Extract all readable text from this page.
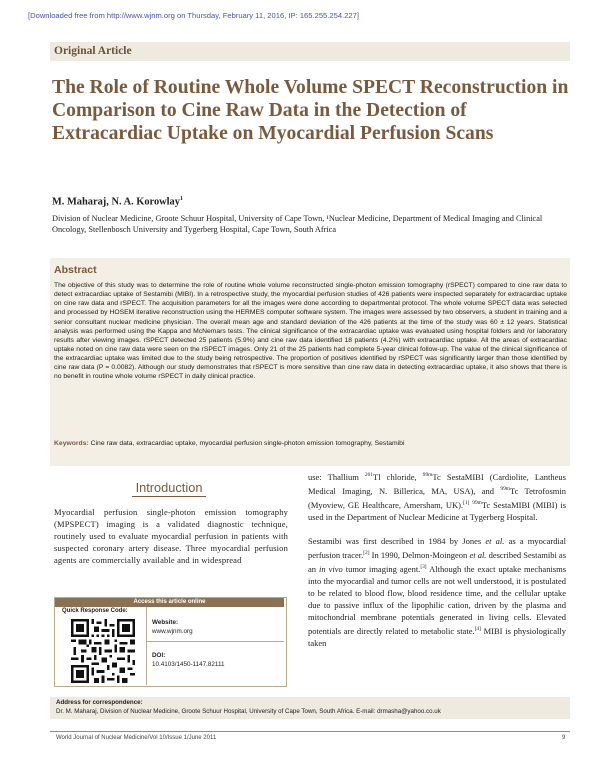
[Downloaded free from http://www.wjnm.org on Thursday, February 11, 2016, IP: 165.255.254.227]
Original Article
The Role of Routine Whole Volume SPECT Reconstruction in Comparison to Cine Raw Data in the Detection of Extracardiac Uptake on Myocardial Perfusion Scans
M. Maharaj, N. A. Korowlay$^1$
Division of Nuclear Medicine, Groote Schuur Hospital, University of Cape Town, ¹Nuclear Medicine, Department of Medical Imaging and Clinical Oncology, Stellenbosch University and Tygerberg Hospital, Cape Town, South Africa
Abstract
The objective of this study was to determine the role of routine whole volume reconstructed single-photon emission tomography (rSPECT) compared to cine raw data to detect extracardiac uptake of Sestamibi (MIBI). In a retrospective study, the myocardial perfusion studies of 426 patients were inspected separately for extracardiac uptake on cine raw data and rSPECT. The acquisition parameters for all the images were done according to departmental protocol. The whole volume SPECT data was selected and processed by HOSEM iterative reconstruction using the HERMES computer software system. The images were assessed by two observers, a student in training and a senior consultant nuclear medicine physician. The overall mean age and standard deviation of the 426 patients at the time of the study was 60 ± 12 years. Statistical analysis was performed using the Kappa and McNemars tests. The clinical significance of the extracardiac uptake was evaluated using hospital folders and /or laboratory results after viewing images. rSPECT detected 25 patients (5.9%) and cine raw data identified 18 patients (4.2%) with extracardiac uptake. All the areas of extracardiac uptake noted on cine raw data were seen on the rSPECT images. Only 21 of the 25 patients had complete 5-year clinical follow-up. The value of the clinical significance of the extracardiac uptake was limited due to the study being retrospective. The proportion of positives identified by rSPECT was significantly larger than those identified by cine raw data (P = 0.0082). Although our study demonstrates that rSPECT is more sensitive than cine raw data in detecting extracardiac uptake, it also shows that there is no benefit in routine whole volume rSPECT in daily clinical practice.
Keywords: Cine raw data, extracardiac uptake, myocardial perfusion single-photon emission tomography, Sestamibi
Introduction
Myocardial perfusion single-photon emission tomography (MPSPECT) imaging is a validated diagnostic technique, routinely used to evaluate myocardial perfusion in patients with suspected coronary artery disease. Three myocardial perfusion agents are commercially available and in widespread

use: Thallium $^{201}$Tl chloride, $^{99m}$Tc SestaMIBI (Cardiolite, Lantheus Medical Imaging, N. Billerica, MA, USA), and $^{99m}$Tc Tetrofosmin (Myoview, GE Healthcare, Amersham, UK).[1] $^{99m}$Tc SestaMIBI (MIBI) is used in the Department of Nuclear Medicine at Tygerberg Hospital.

Sestamibi was first described in 1984 by Jones et al. as a myocardial perfusion tracer.[2] In 1990, Delmon-Moingeon et al. described Sestamibi as an in vivo tumor imaging agent.[3] Although the exact uptake mechanisms into the myocardial and tumor cells are not well understood, it is postulated to be related to blood flow, blood residence time, and the cellular uptake due to passive influx of the lipophilic cation, driven by the plasma and mitochondrial membrane potentials generated in living cells. Elevated potentials are directly related to metabolic state.[4] MIBI is physiologically taken

Access this article online
Quick Response Code:
Website:
www.wjnm.org
DOI:
10.4103/1450-1147.82111
Address for correspondence:
Dr. M. Maharaj, Division of Nuclear Medicine, Groote Schuur Hospital, University of Cape Town, South Africa. E-mail: drmasha@yahoo.co.uk
World Journal of Nuclear Medicine/Vol 10/Issue 1/June 2011	9
